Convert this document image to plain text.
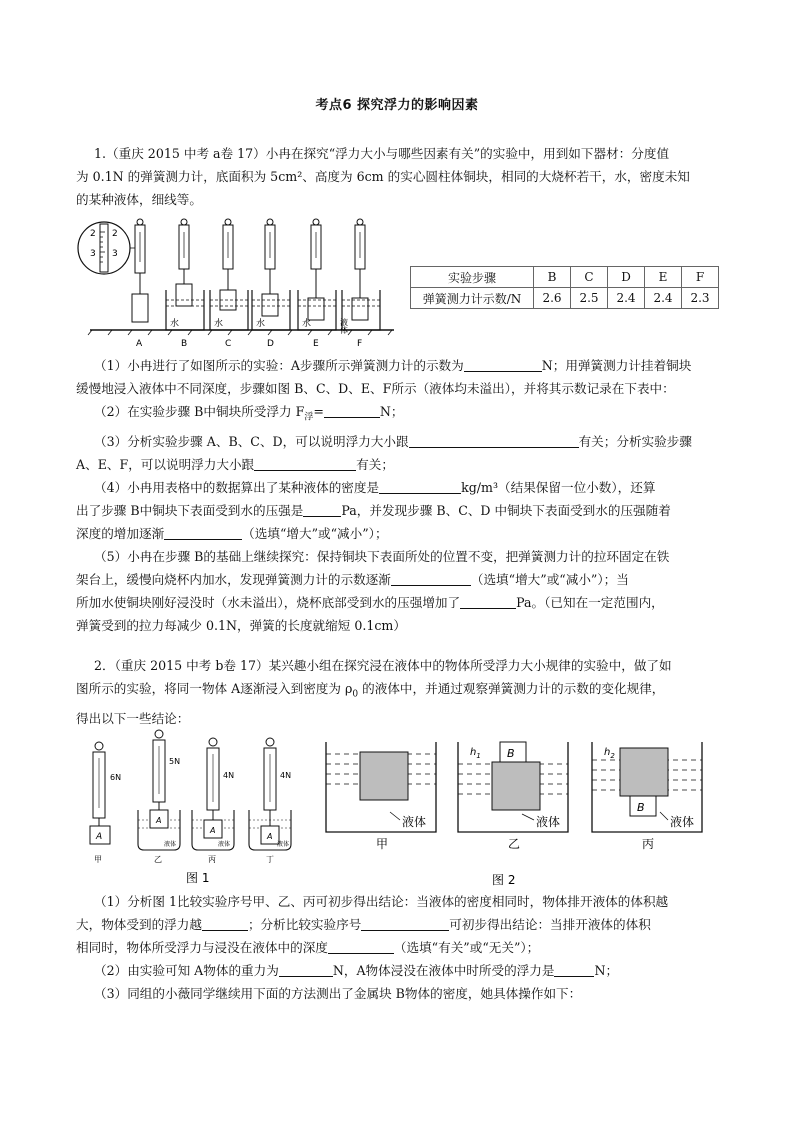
考点6 探究浮力的影响因素
1.（重庆 2015 中考 a卷 17）小冉在探究“浮力大小与哪些因素有关”的实验中，用到如下器材：分度值
为 0.1N 的弹簧测力计，底面积为 5cm²、高度为 6cm 的实心圆柱体铜块，相同的大烧杯若干，水，密度未知
的某种液体，细线等。
2
3
2
3
水	水	水	水	液体
A	B	C	D	E	F
实验步骤	B	C	D	E	F
弹簧测力计示数/N	2.6	2.5	2.4	2.4	2.3
（1）小冉进行了如图所示的实验：A步骤所示弹簧测力计的示数为	N；用弹簧测力计挂着铜块
缓慢地浸入液体中不同深度，步骤如图 B、C、D、E、F所示（液体均未溢出），并将其示数记录在下表中：
（2）在实验步骤 B中铜块所受浮力 $F_浮=$	N；
（3）分析实验步骤 A、B、C、D，可以说明浮力大小跟	有关；分析实验步骤
A、E、F，可以说明浮力大小跟	有关；
（4）小冉用表格中的数据算出了某种液体的密度是	kg/m³（结果保留一位小数），还算
出了步骤 B中铜块下表面受到水的压强是	Pa，并发现步骤 B、C、D 中铜块下表面受到水的压强随着
深度的增加逐渐	（选填“增大”或“减小”）；
（5）小冉在步骤 B的基础上继续探究：保持铜块下表面所处的位置不变，把弹簧测力计的拉环固定在铁
架台上，缓慢向烧杯内加水，发现弹簧测力计的示数逐渐	（选填“增大”或“减小”）；当
所加水使铜块刚好浸没时（水未溢出），烧杯底部受到水的压强增加了	Pa。（已知在一定范围内，
弹簧受到的拉力每减少 0.1N，弹簧的长度就缩短 0.1cm）
2．（重庆 2015 中考 b卷 17）某兴趣小组在探究浸在液体中的物体所受浮力大小规律的实验中，做了如
图所示的实验，将同一物体 A逐渐浸入到密度为 $\rho_0$ 的液体中，并通过观察弹簧测力计的示数的变化规律，
得出以下一些结论：
6N
5N
4N	4N
A
A
A
A
液体	液体	液体
甲	乙	丙	丁
图 1
B
B
$h_1$	$h_2$
液体	液体	液体
甲	乙	丙
图 2
（1）分析图 1比较实验序号甲、乙、丙可初步得出结论：当液体的密度相同时，物体排开液体的体积越
大，物体受到的浮力越	；分析比较实验序号	可初步得出结论：当排开液体的体积
相同时，物体所受浮力与浸没在液体中的深度	（选填“有关”或“无关”）；
（2）由实验可知 A物体的重力为	N，A物体浸没在液体中时所受的浮力是	N；
（3）同组的小薇同学继续用下面的方法测出了金属块 B物体的密度，她具体操作如下：
